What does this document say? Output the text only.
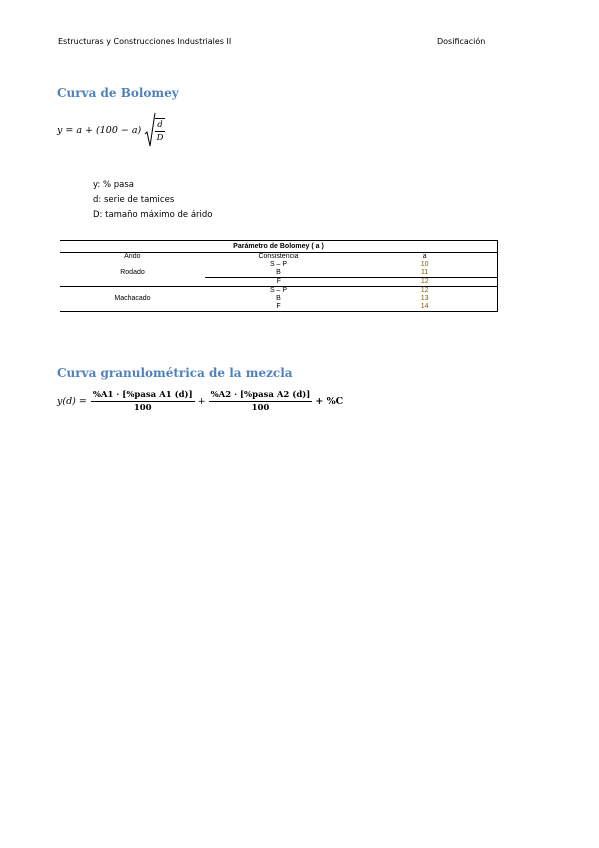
Estructuras y Construcciones Industriales II	Dosificación
Curva de Bolomey
$y = a + (100 - a) \frac{d}{D}$
y: % pasa
d: serie de tamices
D: tamaño máximo de árido
Parámetro de Bolomey ( a )
Arido	Consistencia	a
Rodado
S – P	10
B	11
F	12
Machacado
S – P	12
B	13
F	14
Curva granulométrica de la mezcla
$y(d) = \frac{\text{\%A1 · [\%pasa A1 (d)]}}{100} + \frac{\text{\%A2 · [\%pasa A2 (d)]}}{100} + \%C$
